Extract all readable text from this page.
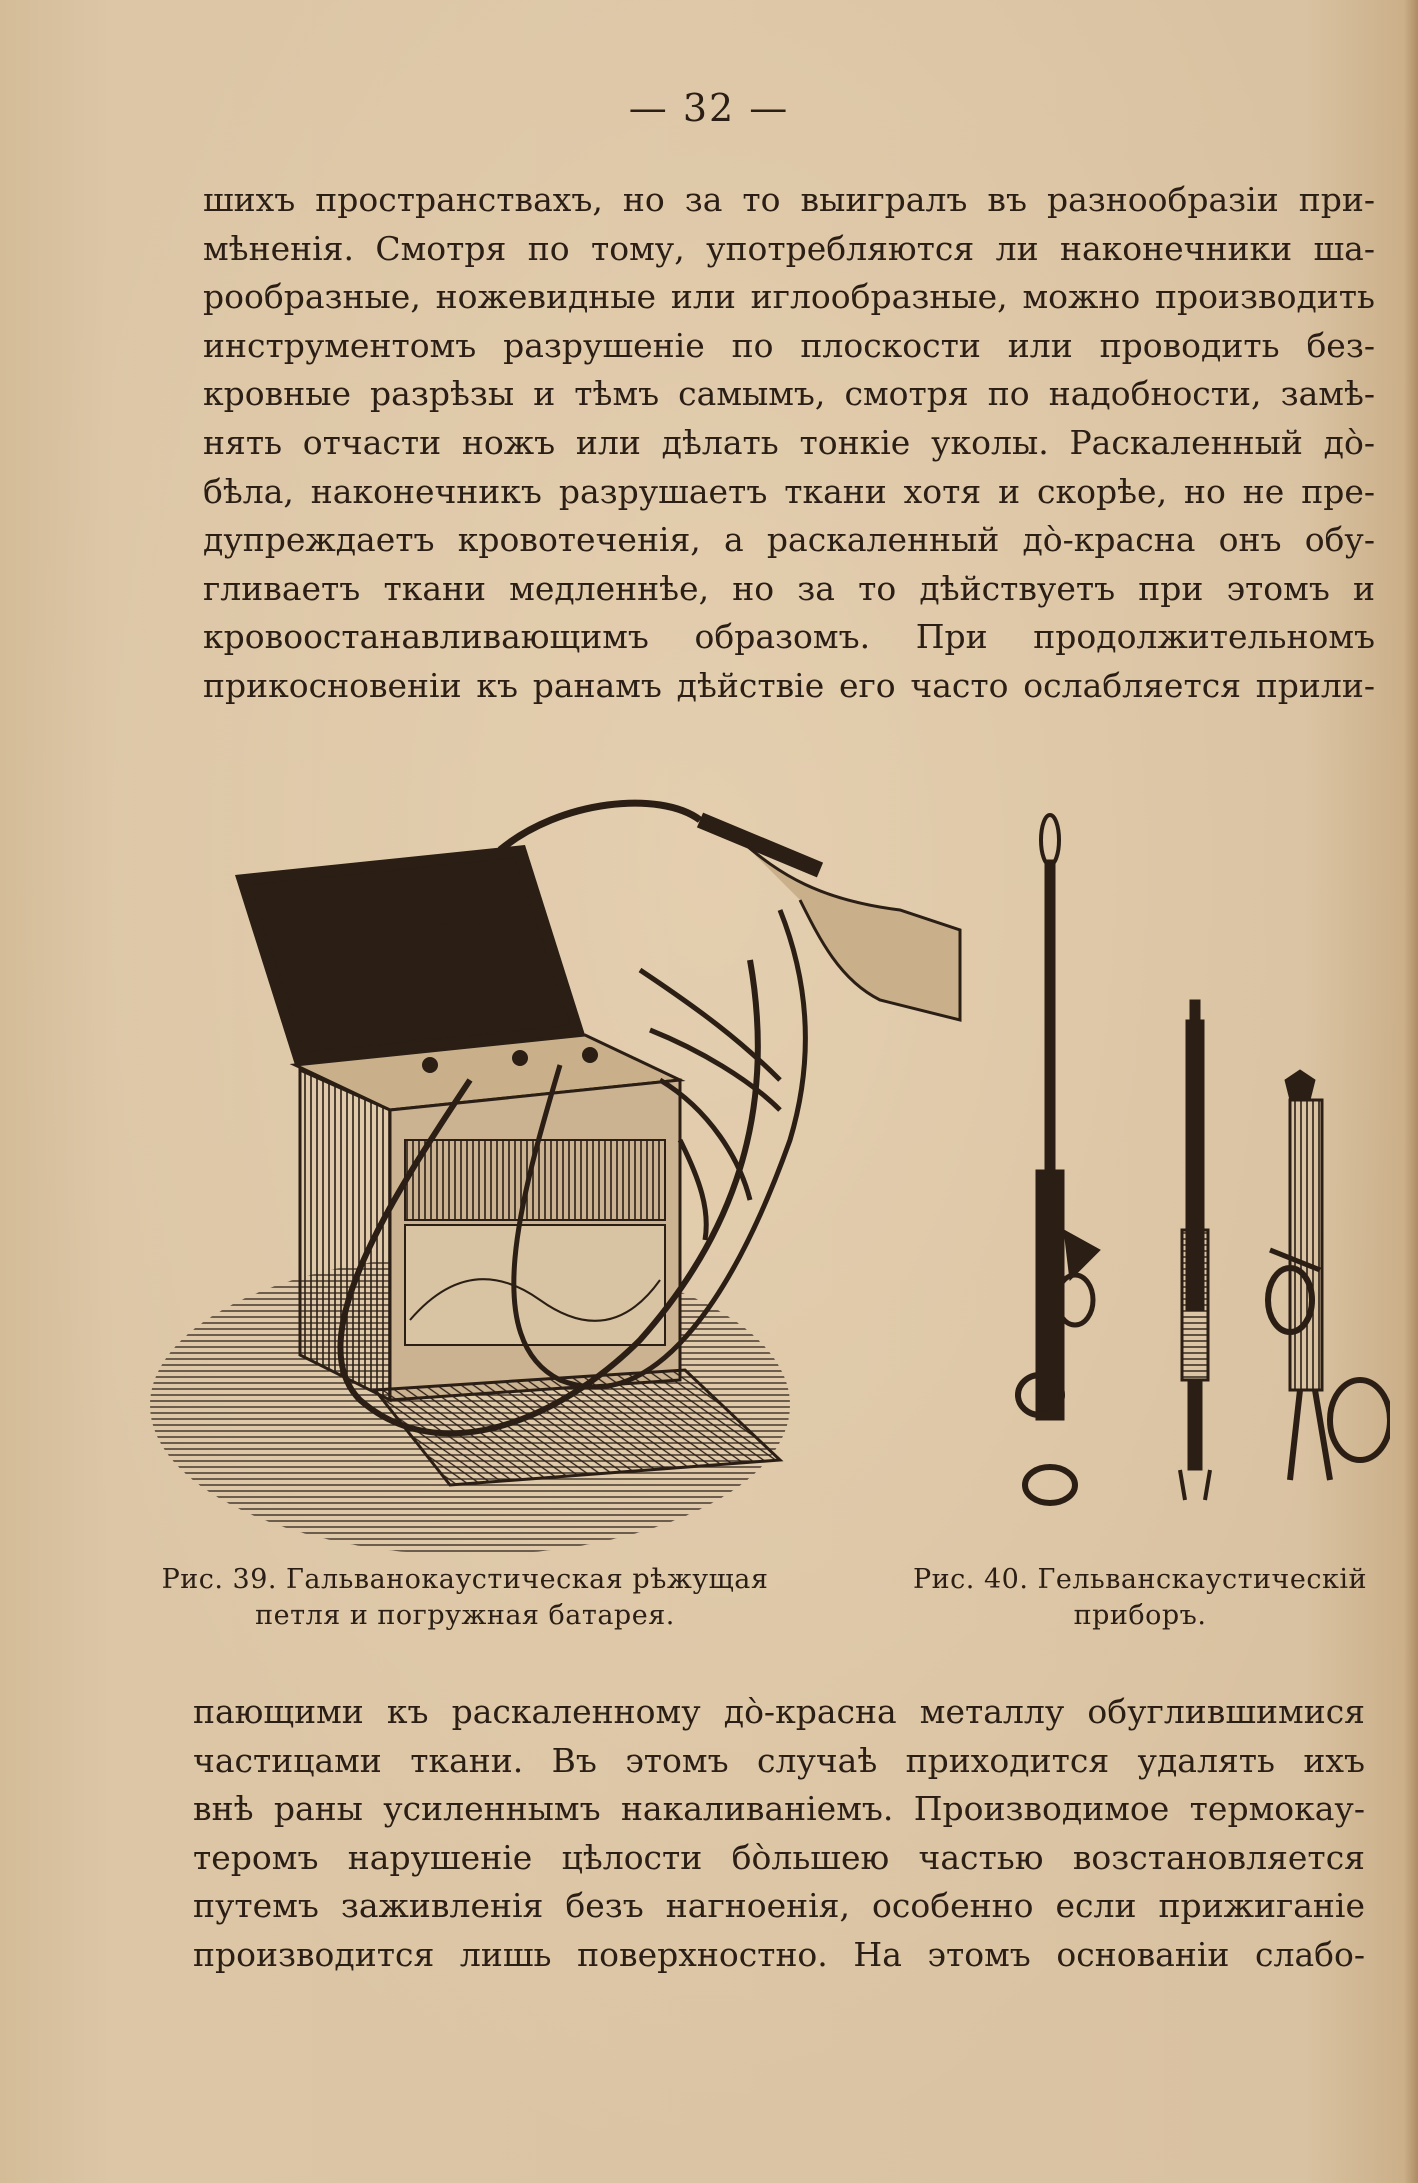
— 32 —
шихъ пространствахъ, но за то выигралъ въ разнообразіи при-
мѣненія. Смотря по тому, употребляются ли наконечники ша-
рообразные, ножевидные или иглообразные, можно производить
инструментомъ разрушеніе по плоскости или проводить без-
кровные разрѣзы и тѣмъ самымъ, смотря по надобности, замѣ-
нять отчасти ножъ или дѣлать тонкіе уколы. Раскаленный до̀-
бѣла, наконечникъ разрушаетъ ткани хотя и скорѣе, но не пре-
дупреждаетъ кровотеченія, а раскаленный до̀-красна онъ обу-
гливаетъ ткани медленнѣе, но за то дѣйствуетъ при этомъ и
кровоостанавливающимъ образомъ. При продолжительномъ
прикосновеніи къ ранамъ дѣйствіе его часто ослабляется прили-
Рис. 39. Гальванокаустическая рѣжущая
петля и погружная батарея.
Рис. 40. Гельванскаустическій
приборъ.
пающими къ раскаленному до̀-красна металлу обуглившимися
частицами ткани. Въ этомъ случаѣ приходится удалять ихъ
внѣ раны усиленнымъ накаливаніемъ. Производимое термокау-
теромъ нарушеніе цѣлости бо̀льшею частью возстановляется
путемъ заживленія безъ нагноенія, особенно если прижиганіе
производится лишь поверхностно. На этомъ основаніи слабо-
